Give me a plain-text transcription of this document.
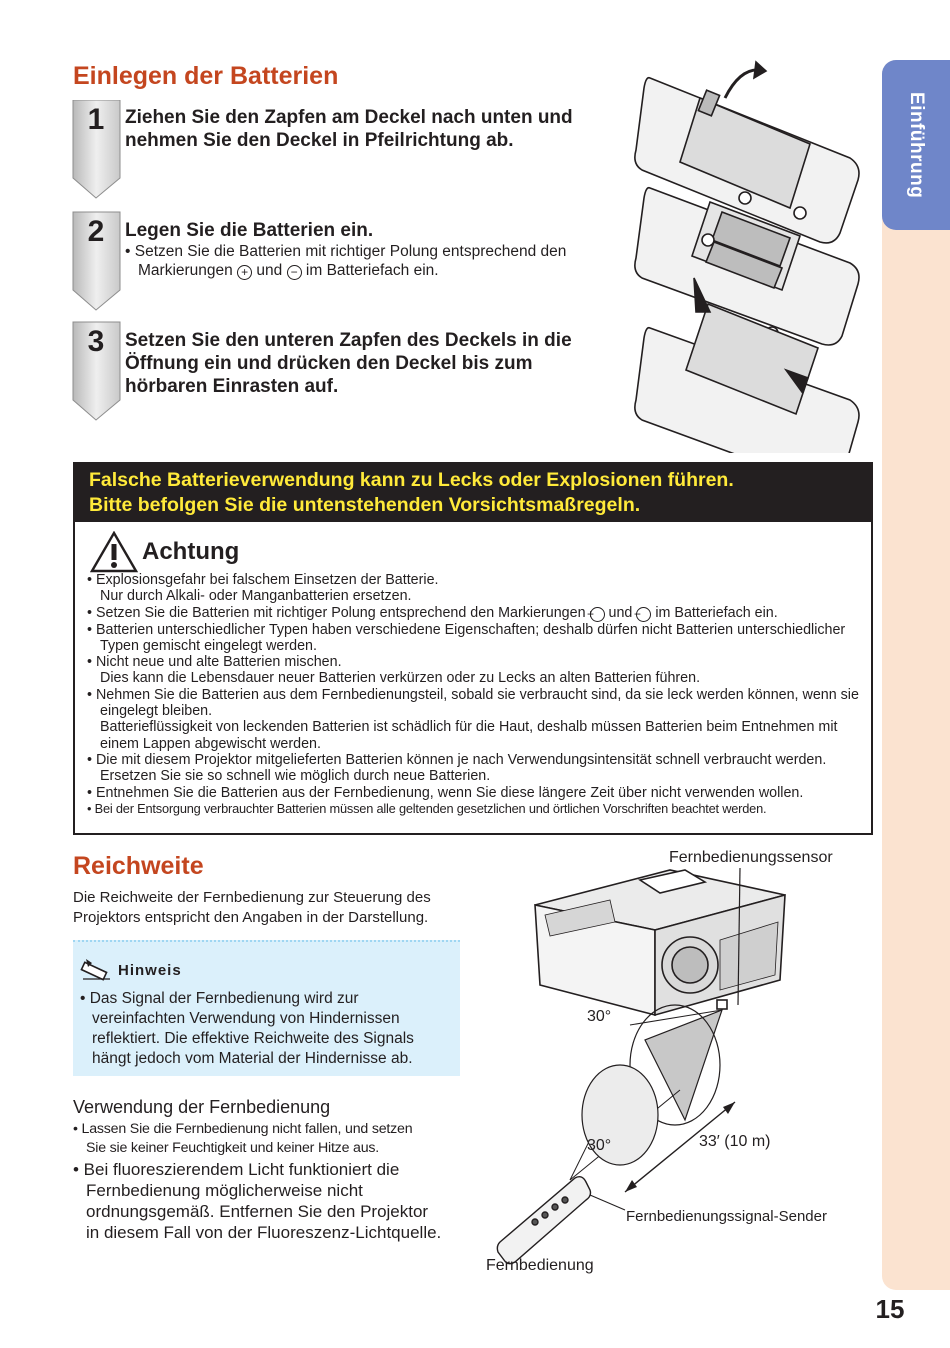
Einführung
Einlegen der Batterien
1
2
3
Ziehen Sie den Zapfen am Deckel nach unten und
nehmen Sie den Deckel in Pfeilrichtung ab.
Legen Sie die Batterien ein.
• Setzen Sie die Batterien mit richtiger Polung entsprechend den
Markierungen + und − im Batteriefach ein.
Setzen Sie den unteren Zapfen des Deckels in die
Öffnung ein und drücken den Deckel bis zum
hörbaren Einrasten auf.
Falsche Batterieverwendung kann zu Lecks oder Explosionen führen.
Bitte befolgen Sie die untenstehenden Vorsichtsmaßregeln.
Achtung

• Explosionsgefahr bei falschem Einsetzen der Batterie.

Nur durch Alkali- oder Manganbatterien ersetzen.

• Setzen Sie die Batterien mit richtiger Polung entsprechend den Markierungen + und − im Batteriefach ein.

• Batterien unterschiedlicher Typen haben verschiedene Eigenschaften; deshalb dürfen nicht Batterien unterschiedlicher Typen gemischt eingelegt werden.

• Nicht neue und alte Batterien mischen.

Dies kann die Lebensdauer neuer Batterien verkürzen oder zu Lecks an alten Batterien führen.

• Nehmen Sie die Batterien aus dem Fernbedienungsteil, sobald sie verbraucht sind, da sie leck werden können, wenn sie eingelegt bleiben.

Batterieflüssigkeit von leckenden Batterien ist schädlich für die Haut, deshalb müssen Batterien beim Entnehmen mit einem Lappen abgewischt werden.

• Die mit diesem Projektor mitgelieferten Batterien können je nach Verwendungsintensität schnell verbraucht werden. Ersetzen Sie sie so schnell wie möglich durch neue Batterien.

• Entnehmen Sie die Batterien aus der Fernbedienung, wenn Sie diese längere Zeit über nicht verwenden wollen.

• Bei der Entsorgung verbrauchter Batterien müssen alle geltenden gesetzlichen und örtlichen Vorschriften beachtet werden.

Reichweite
Die Reichweite der Fernbedienung zur Steuerung des
Projektors entspricht den Angaben in der Darstellung.
Hinweis
• Das Signal der Fernbedienung wird zur
vereinfachten Verwendung von Hindernissen
reflektiert. Die effektive Reichweite des Signals
hängt jedoch vom Material der Hindernisse ab.
Verwendung der Fernbedienung
• Lassen Sie die Fernbedienung nicht fallen, und setzen
Sie sie keiner Feuchtigkeit und keiner Hitze aus.
• Bei fluoreszierendem Licht funktioniert die
Fernbedienung möglicherweise nicht
ordnungsgemäß. Entfernen Sie den Projektor
in diesem Fall von der Fluoreszenz-Lichtquelle.
Fernbedienungssensor
30°
30°	33′ (10 m)
Fernbedienungssignal-Sender
Fernbedienung
15
